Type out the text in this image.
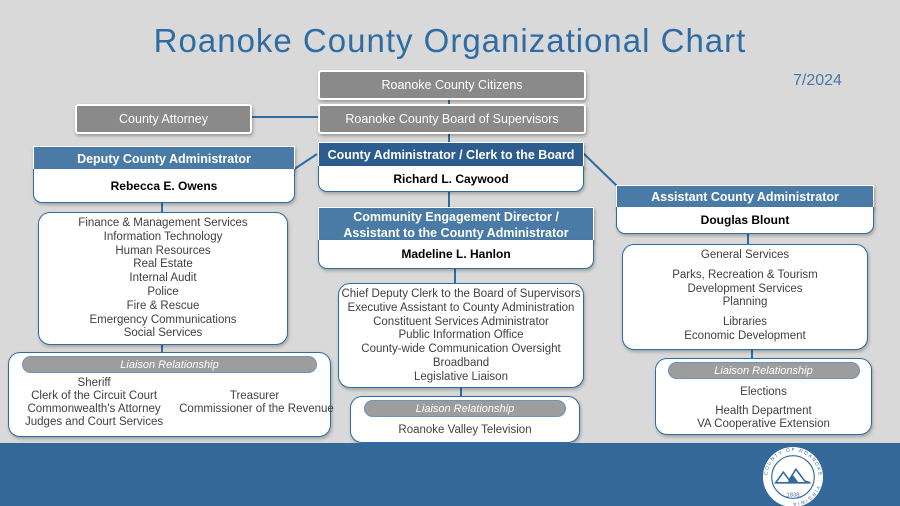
Roanoke County Organizational Chart
7/2024
Roanoke County Citizens
County Attorney	Roanoke County Board of Supervisors
County Administrator / Clerk to the Board
Richard L. Caywood
Deputy County Administrator
Rebecca E. Owens
Assistant County Administrator
Douglas Blount
Community Engagement Director /
Assistant to the County Administrator
Madeline L. Hanlon
Finance & Management Services
Information Technology
Human Resources
Real Estate
Internal Audit
Police
Fire & Rescue
Emergency Communications
Social Services
Chief Deputy Clerk to the Board of Supervisors
Executive Assistant to County Administration
Constituent Services Administrator
Public Information Office
County-wide Communication Oversight
Broadband
Legislative Liaison
General Services
Parks, Recreation & Tourism
Development Services
Planning
Libraries
Economic Development
Liaison Relationship
Sheriff
Clerk of the Circuit Court
Commonwealth's Attorney
Judges and Court Services
Treasurer
Commissioner of the Revenue	Liaison Relationship
Roanoke Valley Television
Liaison Relationship
Elections
Health Department
VA Cooperative Extension
COUNTY OF ROANOKE · VIRGINIA
1838
